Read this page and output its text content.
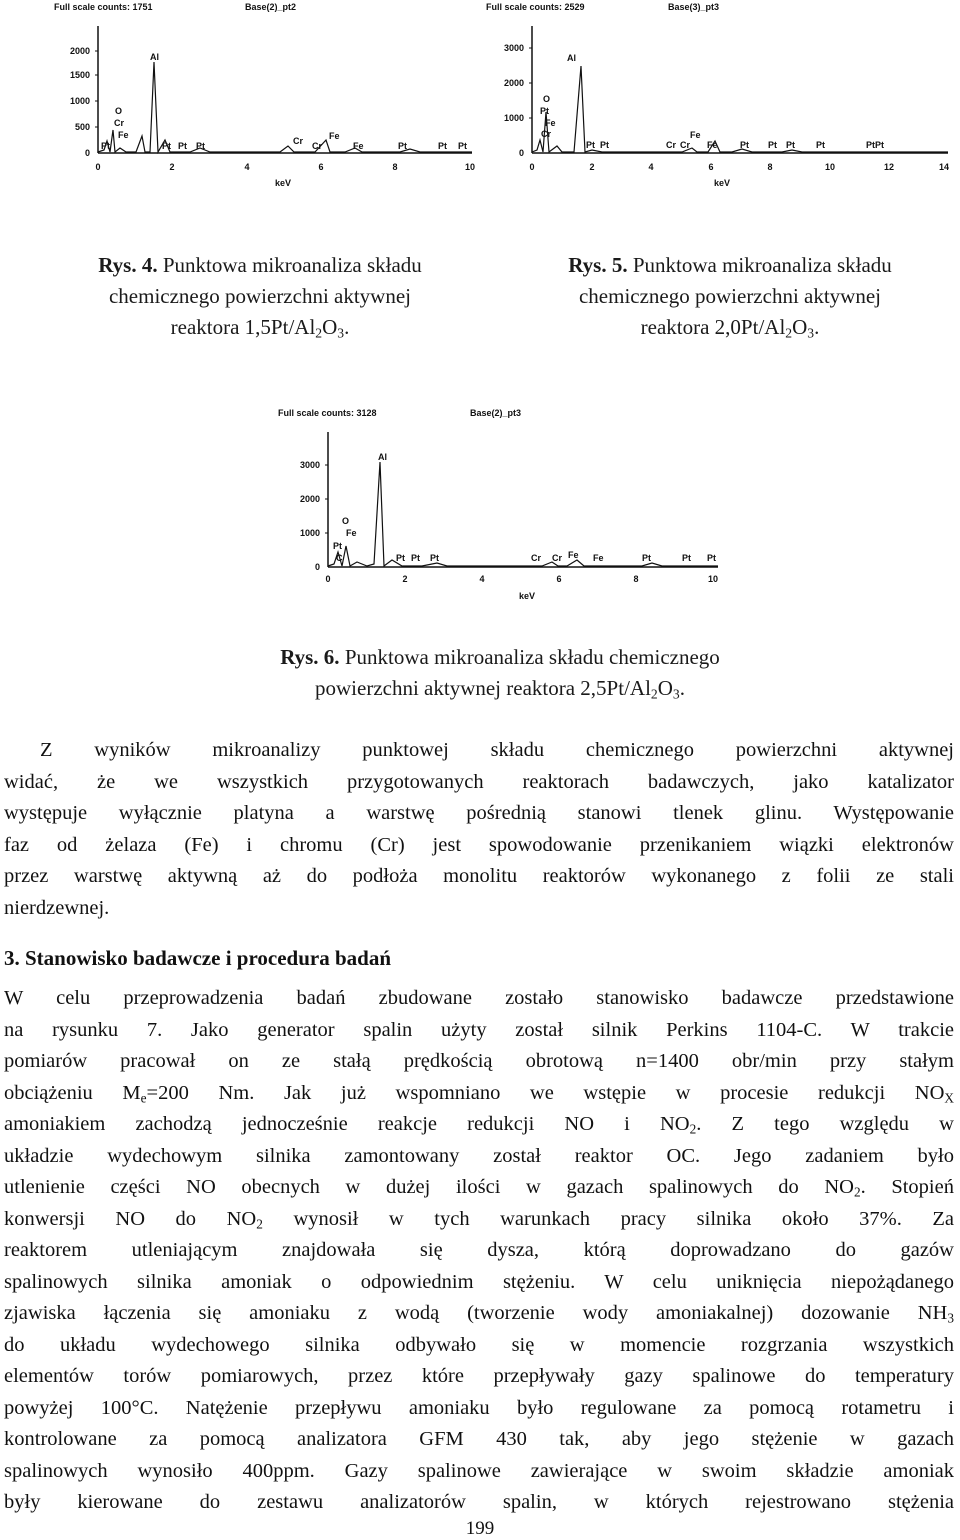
Full scale counts: 1751	Base(2)_pt2
2000
1500
1000
500
0
0	2	4	6	8	10
keV
Al
O
Cr
Fe
Pt	Pt Pt Pt	Cr Cr
Fe
Fe	Pt	Pt Pt
Full scale counts: 2529	Base(3)_pt3
3000
2000
1000
0
0	2	4	6	8	10	12	14
keV
Al
O
Pt
Fe
Cr
Pt Pt	Cr Cr
Fe
Fe Pt Pt Pt Pt	PtPt
Rys. 4. Punktowa mikroanaliza składu
chemicznego powierzchni aktywnej
reaktora $1,5Pt/Al_2O_3$.
Rys. 5. Punktowa mikroanaliza składu
chemicznego powierzchni aktywnej
reaktora $2,0Pt/Al_2O_3$.
Full scale counts: 3128	Base(2)_pt3
3000
2000
1000
0
0	2	4	6	8	10
keV
Al
O
Fe
Pt
C	Pt Pt Pt	Cr Cr Fe Fe	Pt	Pt Pt
Rys. 6. Punktowa mikroanaliza składu chemicznego
powierzchni aktywnej reaktora $2,5Pt/Al_2O_3$.
Z wyników mikroanalizy punktowej składu chemicznego powierzchni aktywnej
widać, że we wszystkich przygotowanych reaktorach badawczych, jako katalizator
występuje wyłącznie platyna a warstwę pośrednią stanowi tlenek glinu. Występowanie
faz od żelaza (Fe) i chromu (Cr) jest spowodowanie przenikaniem wiązki elektronów
przez warstwę aktywną aż do podłoża monolitu reaktorów wykonanego z folii ze stali
nierdzewnej.
3. Stanowisko badawcze i procedura badań
W celu przeprowadzenia badań zbudowane zostało stanowisko badawcze przedstawione
na rysunku 7. Jako generator spalin użyty został silnik Perkins 1104-C. W trakcie
pomiarów pracował on ze stałą prędkością obrotową n=1400 obr/min przy stałym
obciążeniu $M_e=200$ Nm. Jak już wspomniano we wstępie w procesie redukcji $NO_X$
amoniakiem zachodzą jednocześnie reakcje redukcji NO i $NO_2$. Z tego względu w
układzie wydechowym silnika zamontowany został reaktor OC. Jego zadaniem było
utlenienie części NO obecnych w dużej ilości w gazach spalinowych do $NO_2$. Stopień
konwersji NO do $NO_2$ wynosił w tych warunkach pracy silnika około 37%. Za
reaktorem utleniającym znajdowała się dysza, którą doprowadzano do gazów
spalinowych silnika amoniak o odpowiednim stężeniu. W celu uniknięcia niepożądanego
zjawiska łączenia się amoniaku z wodą (tworzenie wody amoniakalnej) dozowanie $NH_3$
do układu wydechowego silnika odbywało się w momencie rozgrzania wszystkich
elementów torów pomiarowych, przez które przepływały gazy spalinowe do temperatury
powyżej 100°C. Natężenie przepływu amoniaku było regulowane za pomocą rotametru i
kontrolowane za pomocą analizatora GFM 430 tak, aby jego stężenie w gazach
spalinowych wynosiło 400ppm. Gazy spalinowe zawierające w swoim składzie amoniak
były kierowane do zestawu analizatorów spalin, w których rejestrowano stężenia
199
